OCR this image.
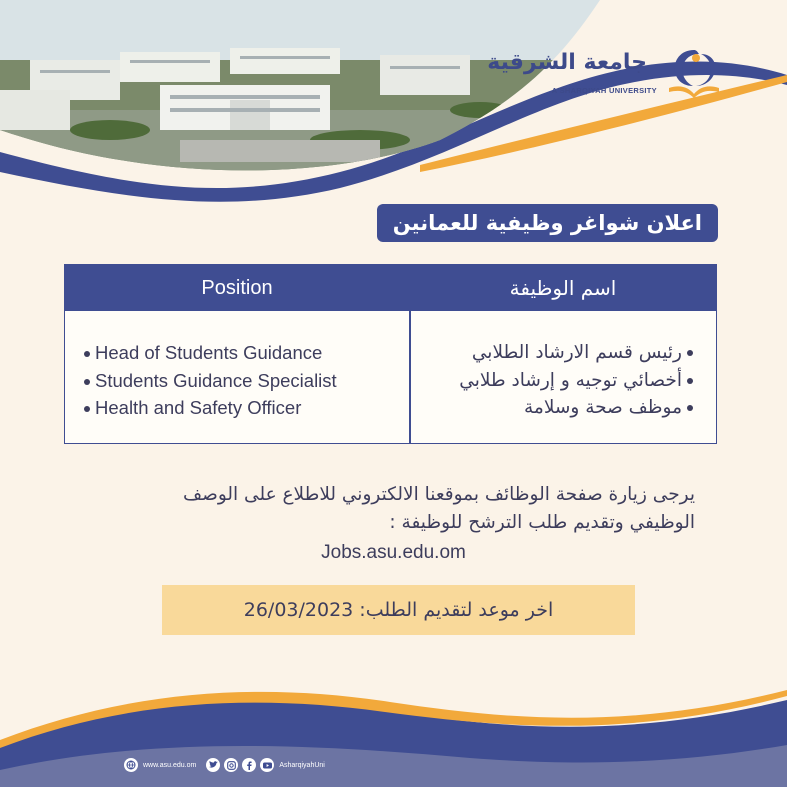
جامعة الشرقية
A'SHARQIYAH UNIVERSITY
اعلان شواغر وظيفية للعمانين
Position	اسم الوظيفة
Head of Students Guidance
Students Guidance Specialist
Health and Safety Officer
رئيس قسم الارشاد الطلابي
أخصائي توجيه و إرشاد طلابي
موظف صحة وسلامة
يرجى زيارة صفحة الوظائف بموقعنا الالكتروني للاطلاع على الوصف
الوظيفي وتقديم طلب الترشح للوظيفة :
Jobs.asu.edu.om
اخر موعد لتقديم الطلب: 26/03/2023
www.asu.edu.om	AsharqiyahUni
